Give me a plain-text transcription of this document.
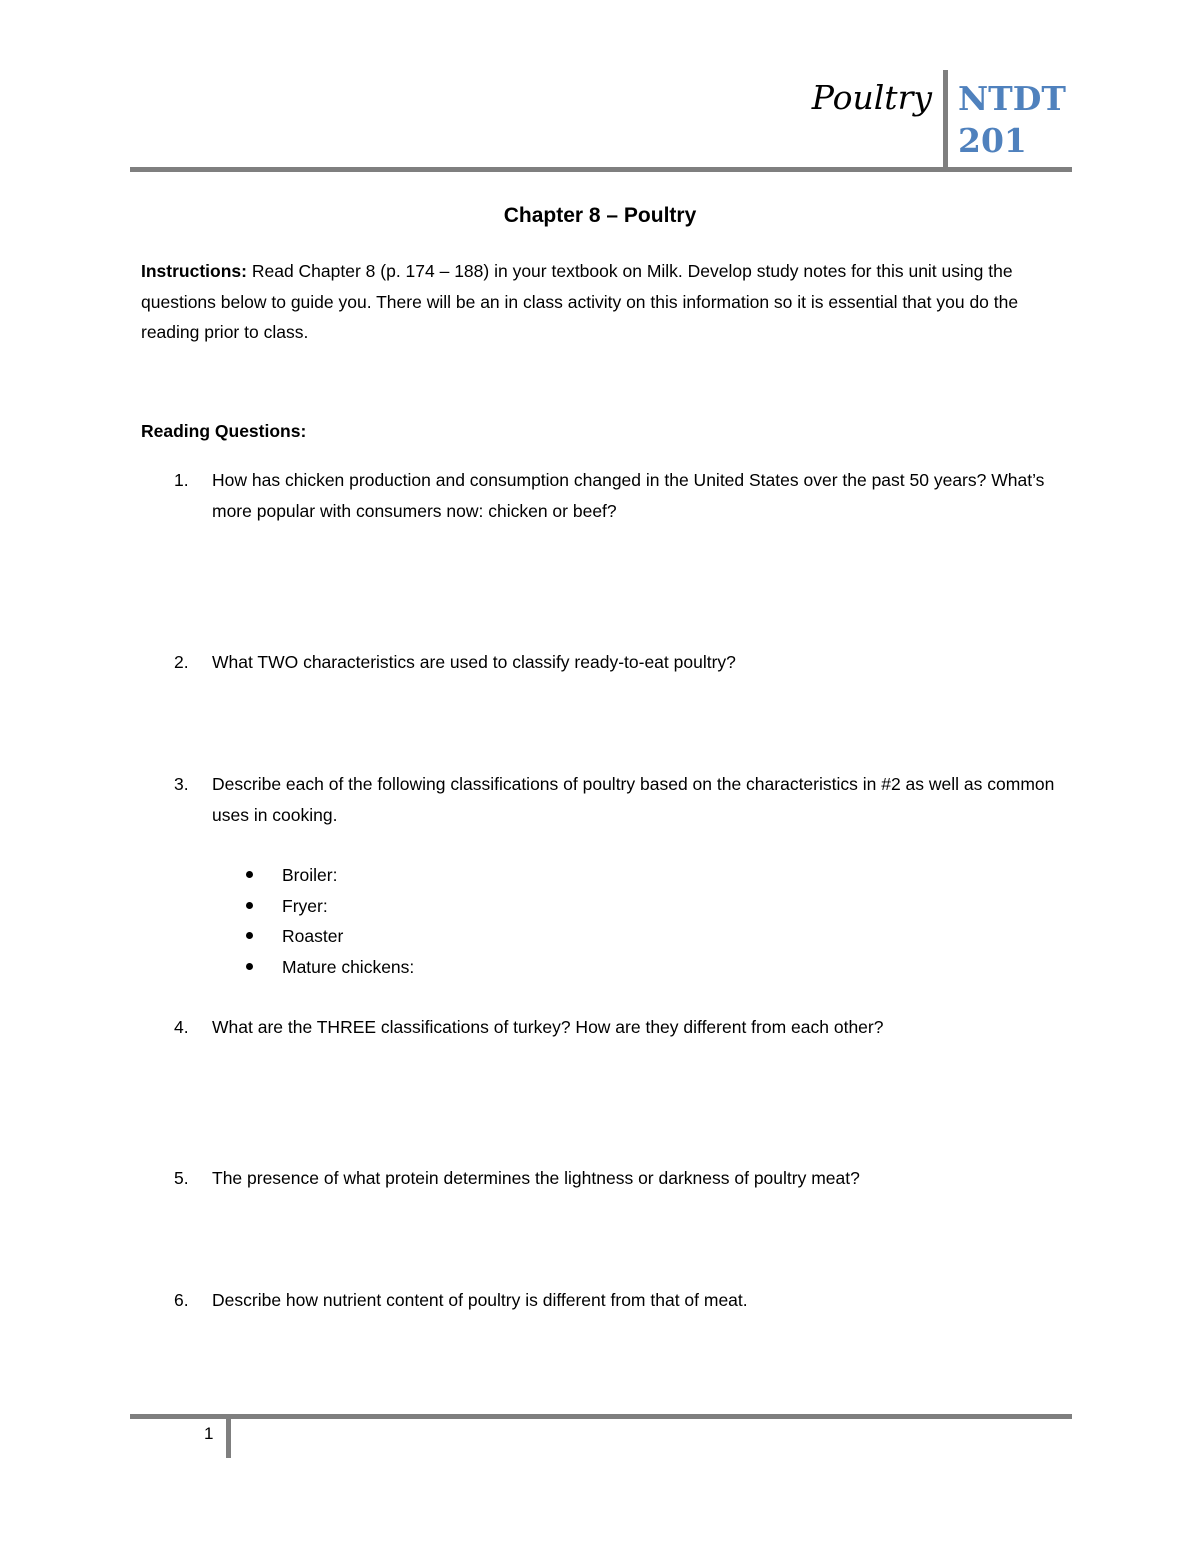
Poultry NTDT
201
Chapter 8 – Poultry
Instructions: Read Chapter 8 (p. 174 – 188) in your textbook on Milk. Develop study notes for this unit using the questions below to guide you. There will be an in class activity on this information so it is essential that you do the reading prior to class.
Reading Questions:
1. How has chicken production and consumption changed in the United States over the past 50 years? What’s more popular with consumers now: chicken or beef?
2. What TWO characteristics are used to classify ready-to-eat poultry?
3. Describe each of the following classifications of poultry based on the characteristics in #2 as well as common uses in cooking.
Broiler:
Fryer:
Roaster
Mature chickens:
4. What are the THREE classifications of turkey? How are they different from each other?
5. The presence of what protein determines the lightness or darkness of poultry meat?
6. Describe how nutrient content of poultry is different from that of meat.
1
